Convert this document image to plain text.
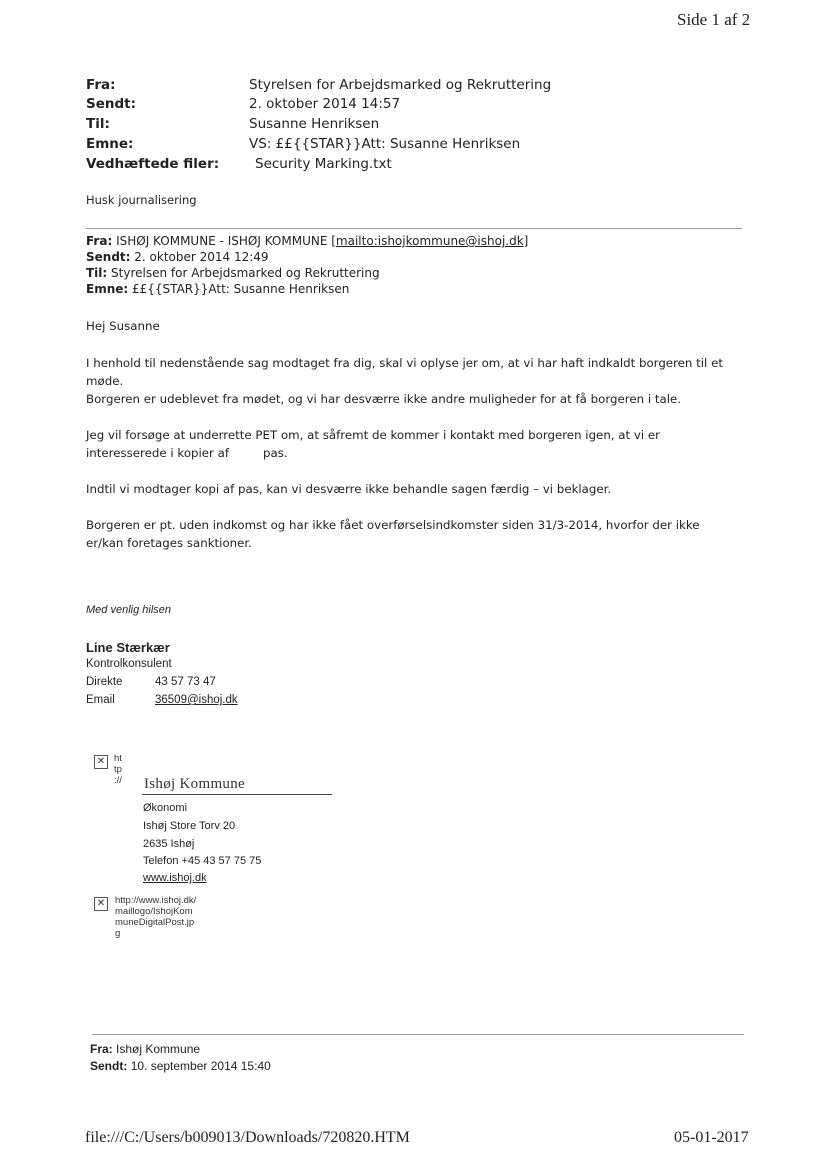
Side 1 af 2
Fra:	Styrelsen for Arbejdsmarked og Rekruttering
Sendt:	2. oktober 2014 14:57
Til:	Susanne Henriksen
Emne:	VS: ££{{STAR}}Att: Susanne Henriksen
Vedhæftede filer:	Security Marking.txt
Husk journalisering
Fra: ISHØJ KOMMUNE - ISHØJ KOMMUNE [mailto:ishojkommune@ishoj.dk]
Sendt: 2. oktober 2014 12:49
Til: Styrelsen for Arbejdsmarked og Rekruttering
Emne: ££{{STAR}}Att: Susanne Henriksen
Hej Susanne
I henhold til nedenstående sag modtaget fra dig, skal vi oplyse jer om, at vi har haft indkaldt borgeren til et
møde.
Borgeren er udeblevet fra mødet, og vi har desværre ikke andre muligheder for at få borgeren i tale.
Jeg vil forsøge at underrette PET om, at såfremt de kommer i kontakt med borgeren igen, at vi er
interesserede i kopier af	pas.
Indtil vi modtager kopi af pas, kan vi desværre ikke behandle sagen færdig – vi beklager.
Borgeren er pt. uden indkomst og har ikke fået overførselsindkomster siden 31/3-2014, hvorfor der ikke
er/kan foretages sanktioner.
Med venlig hilsen
Line Stærkær
Kontrolkonsulent
Direkte	43 57 73 47
Email	36509@ishoj.dk
✕
ht
tp
:// Ishøj Kommune
Økonomi
Ishøj Store Torv 20
2635 Ishøj
Telefon +45 43 57 75 75
www.ishoj.dk
✕
http://www.ishoj.dk/
maillogo/IshojKom
muneDigitalPost.jp
g
Fra: Ishøj Kommune
Sendt: 10. september 2014 15:40
file:///C:/Users/b009013/Downloads/720820.HTM	05-01-2017
